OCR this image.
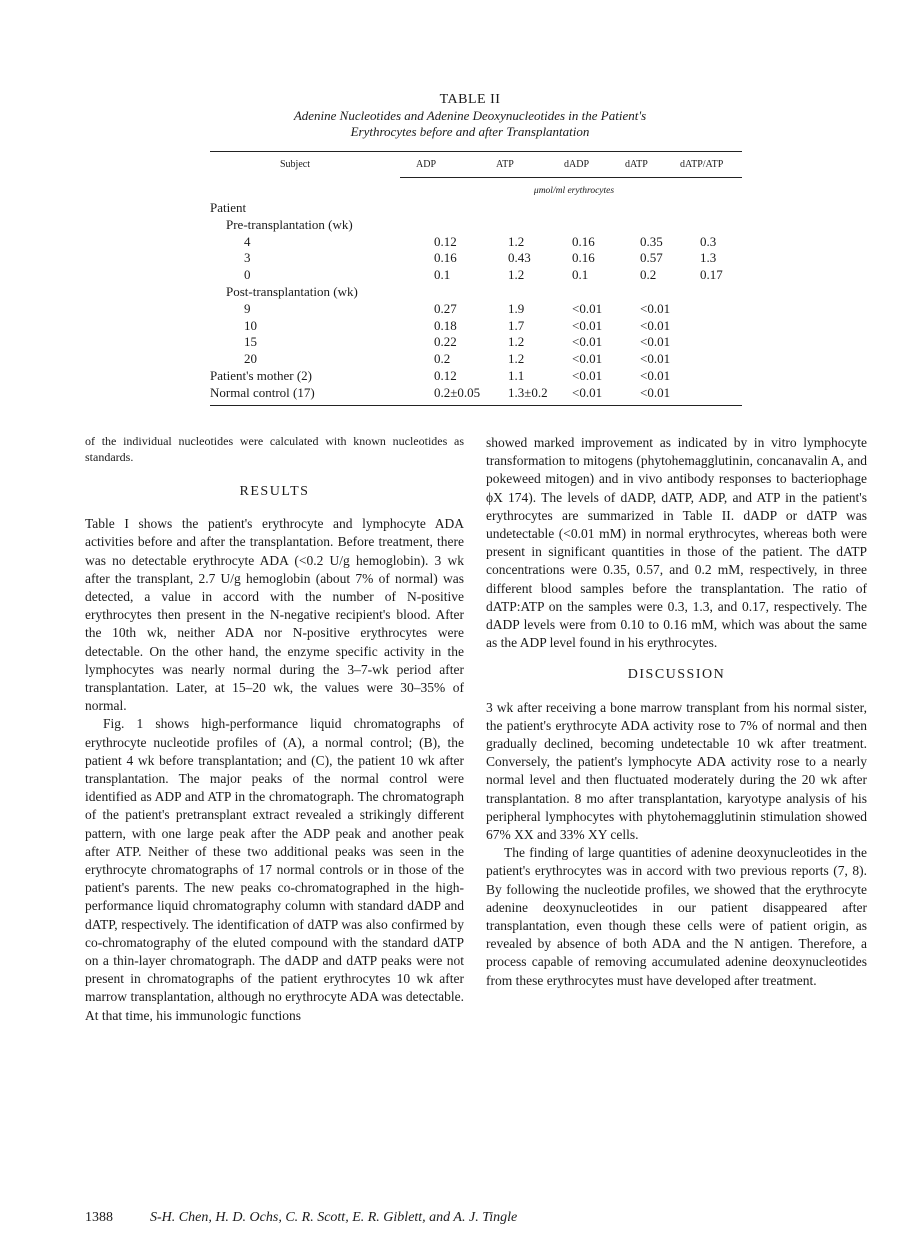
TABLE II
Adenine Nucleotides and Adenine Deoxynucleotides in the Patient's
Erythrocytes before and after Transplantation
Subject	ADP	ATP	dADP	dATP	dATP/ATP
μmol/ml erythrocytes
Patient					
Pre-transplantation (wk)					
4	0.12	1.2	0.16	0.35	0.3
3	0.16	0.43	0.16	0.57	1.3
0	0.1	1.2	0.1	0.2	0.17
Post-transplantation (wk)					
9	0.27	1.9	<0.01	<0.01	
10	0.18	1.7	<0.01	<0.01	
15	0.22	1.2	<0.01	<0.01	
20	0.2	1.2	<0.01	<0.01	
Patient's mother (2)	0.12	1.1	<0.01	<0.01	
Normal control (17)	0.2±0.05	1.3±0.2	<0.01	<0.01	

of the individual nucleotides were calculated with known nucleotides as standards.

RESULTS

Table I shows the patient's erythrocyte and lymphocyte ADA activities before and after the transplantation. Before treatment, there was no detectable erythrocyte ADA (<0.2 U/g hemoglobin). 3 wk after the transplant, 2.7 U/g hemoglobin (about 7% of normal) was detected, a value in accord with the number of N-positive erythrocytes then present in the N-negative recipient's blood. After the 10th wk, neither ADA nor N-positive erythrocytes were detectable. On the other hand, the enzyme specific activity in the lymphocytes was nearly normal during the 3–7-wk period after transplantation. Later, at 15–20 wk, the values were 30–35% of normal.

Fig. 1 shows high-performance liquid chromatographs of erythrocyte nucleotide profiles of (A), a normal control; (B), the patient 4 wk before transplantation; and (C), the patient 10 wk after transplantation. The major peaks of the normal control were identified as ADP and ATP in the chromatograph. The chromatograph of the patient's pretransplant extract revealed a strikingly different pattern, with one large peak after the ADP peak and another peak after ATP. Neither of these two additional peaks was seen in the erythrocyte chromatographs of 17 normal controls or in those of the patient's parents. The new peaks co-chromatographed in the high-performance liquid chromatography column with standard dADP and dATP, respectively. The identification of dATP was also confirmed by co-chromatography of the eluted compound with the standard dATP on a thin-layer chromatograph. The dADP and dATP peaks were not present in chromatographs of the patient erythrocytes 10 wk after marrow transplantation, although no erythrocyte ADA was detectable. At that time, his immunologic functions

showed marked improvement as indicated by in vitro lymphocyte transformation to mitogens (phytohemagglutinin, concanavalin A, and pokeweed mitogen) and in vivo antibody responses to bacteriophage ϕX 174). The levels of dADP, dATP, ADP, and ATP in the patient's erythrocytes are summarized in Table II. dADP or dATP was undetectable (<0.01 mM) in normal erythrocytes, whereas both were present in significant quantities in those of the patient. The dATP concentrations were 0.35, 0.57, and 0.2 mM, respectively, in three different blood samples before the transplantation. The ratio of dATP:ATP on the samples were 0.3, 1.3, and 0.17, respectively. The dADP levels were from 0.10 to 0.16 mM, which was about the same as the ADP level found in his erythrocytes.

DISCUSSION

3 wk after receiving a bone marrow transplant from his normal sister, the patient's erythrocyte ADA activity rose to 7% of normal and then gradually declined, becoming undetectable 10 wk after treatment. Conversely, the patient's lymphocyte ADA activity rose to a nearly normal level and then fluctuated moderately during the 20 wk after transplantation. 8 mo after transplantation, karyotype analysis of his peripheral lymphocytes with phytohemagglutinin stimulation showed 67% XX and 33% XY cells.

The finding of large quantities of adenine deoxynucleotides in the patient's erythrocytes was in accord with two previous reports (7, 8). By following the nucleotide profiles, we showed that the erythrocyte adenine deoxynucleotides in our patient disappeared after transplantation, even though these cells were of patient origin, as revealed by absence of both ADA and the N antigen. Therefore, a process capable of removing accumulated adenine deoxynucleotides from these erythrocytes must have developed after treatment.

1388	S-H. Chen, H. D. Ochs, C. R. Scott, E. R. Giblett, and A. J. Tingle
